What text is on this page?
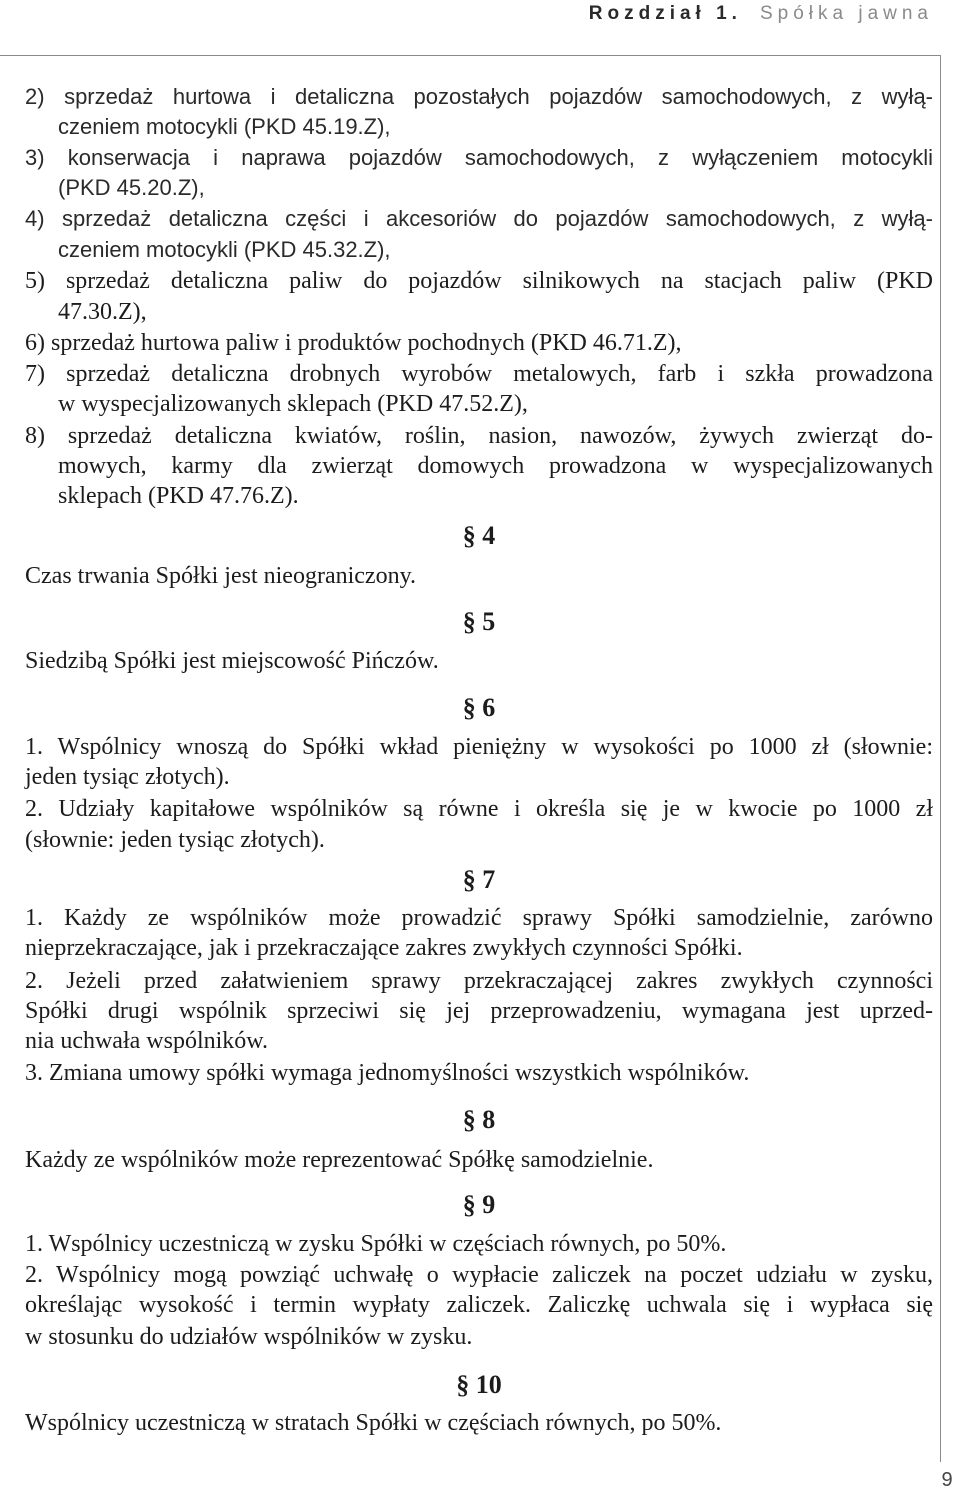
Rozdział 1. Spółka jawna
2) sprzedaż hurtowa i detaliczna pozostałych pojazdów samochodowych, z wyłą-
czeniem motocykli (PKD 45.19.Z),
3) konserwacja i naprawa pojazdów samochodowych, z wyłączeniem motocykli
(PKD 45.20.Z),
4) sprzedaż detaliczna części i akcesoriów do pojazdów samochodowych, z wyłą-
czeniem motocykli (PKD 45.32.Z),
5) sprzedaż detaliczna paliw do pojazdów silnikowych na stacjach paliw (PKD
47.30.Z),
6) sprzedaż hurtowa paliw i produktów pochodnych (PKD 46.71.Z),
7) sprzedaż detaliczna drobnych wyrobów metalowych, farb i szkła prowadzona
w wyspecjalizowanych sklepach (PKD 47.52.Z),
8) sprzedaż detaliczna kwiatów, roślin, nasion, nawozów, żywych zwierząt do-
mowych, karmy dla zwierząt domowych prowadzona w wyspecjalizowanych
sklepach (PKD 47.76.Z).
§ 4
Czas trwania Spółki jest nieograniczony.
§ 5
Siedzibą Spółki jest miejscowość Pińczów.
§ 6
1. Wspólnicy wnoszą do Spółki wkład pieniężny w wysokości po 1000 zł (słownie:
jeden tysiąc złotych).
2. Udziały kapitałowe wspólników są równe i określa się je w kwocie po 1000 zł
(słownie: jeden tysiąc złotych).
§ 7
1. Każdy ze wspólników może prowadzić sprawy Spółki samodzielnie, zarówno
nieprzekraczające, jak i przekraczające zakres zwykłych czynności Spółki.
2. Jeżeli przed załatwieniem sprawy przekraczającej zakres zwykłych czynności
Spółki drugi wspólnik sprzeciwi się jej przeprowadzeniu, wymagana jest uprzed-
nia uchwała wspólników.
3. Zmiana umowy spółki wymaga jednomyślności wszystkich wspólników.
§ 8
Każdy ze wspólników może reprezentować Spółkę samodzielnie.
§ 9
1. Wspólnicy uczestniczą w zysku Spółki w częściach równych, po 50%.
2. Wspólnicy mogą powziąć uchwałę o wypłacie zaliczek na poczet udziału w zysku,
określając wysokość i termin wypłaty zaliczek. Zaliczkę uchwala się i wypłaca się
w stosunku do udziałów wspólników w zysku.
§ 10
Wspólnicy uczestniczą w stratach Spółki w częściach równych, po 50%.
9
